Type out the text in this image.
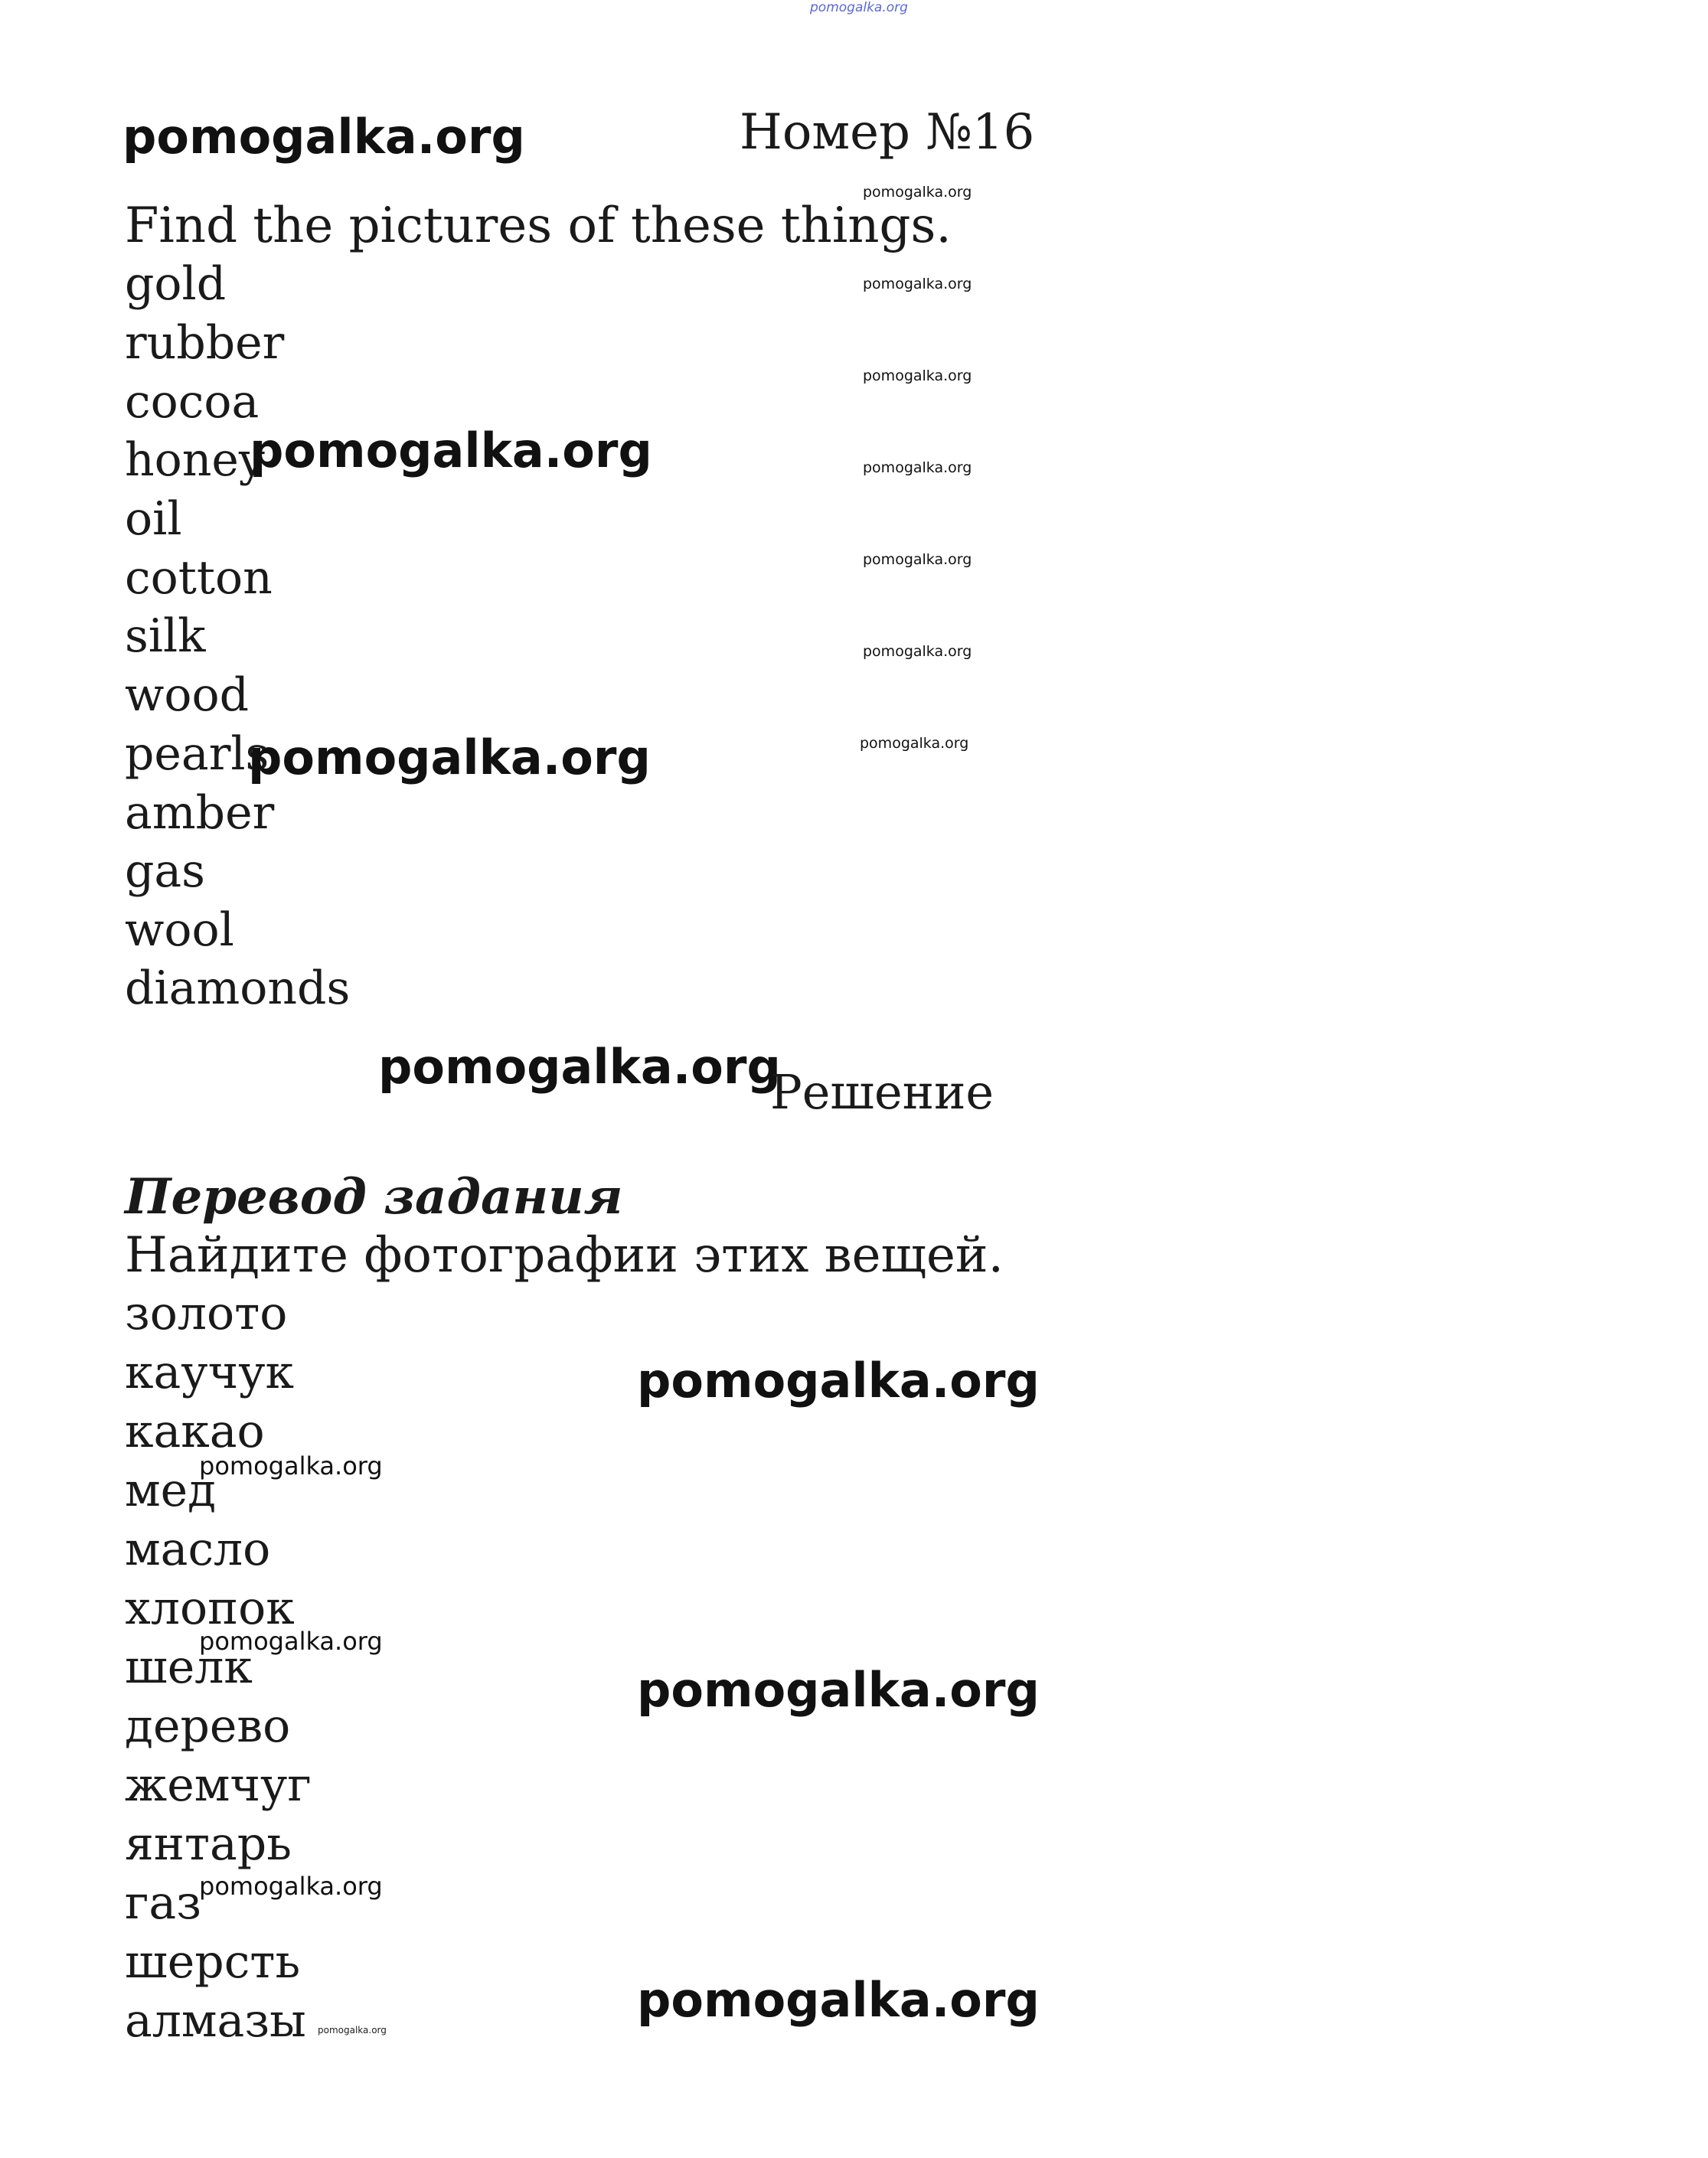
pomogalka.org
pomogalka.org	Номер №16
pomogalka.org
pomogalka.org
pomogalka.org
pomogalka.org
pomogalka.org
pomogalka.org
pomogalka.org
Find the pictures of these things.
gold
rubber
cocoa
honey
oil
cotton
silk
wood
pearls
amber
gas
wool
diamonds
pomogalka.org
pomogalka.org
pomogalka.org
Решение
Перевод задания
Найдите фотографии этих вещей.
золото
каучук
какао
мед
масло
хлопок
шелк
дерево
жемчуг
янтарь
газ
шерсть
алмазы
pomogalka.org
pomogalka.org
pomogalka.org
pomogalka.org
pomogalka.org
pomogalka.org
pomogalka.org
